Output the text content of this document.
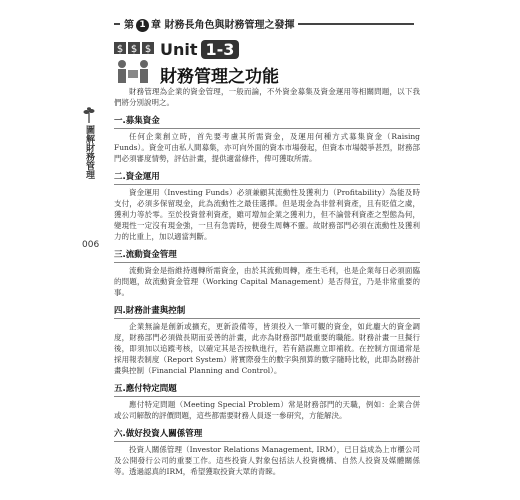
第 1 章 財務長角色與財務管理之發揮
$ $ $ Unit 1-3
財務管理之功能
圖解財務管理
006

財務管理為企業的資金管理，一般而論，不外資金募集及資金運用等相關問題，以下我們將分別說明之。

一.募集資金

任何企業創立時，首先要考慮其所需資金，及運用何種方式募集資金（Raising Funds）。資金可由私人間募集，亦可向外面的資本市場發起，但資本市場競爭甚烈，財務部門必須審度情勢，評估計畫，提供適當條件，俾可獲取所需。

二.資金運用

資金運用（Investing Funds）必須兼顧其流動性及獲利力（Profitability）為能及時支付，必須多保留現金，此為流動性之最佳選擇。但是現金為非營利資產，且有貶值之虞，獲利力等於零。至於投資營利資產，雖可增加企業之獲利力，但不論營利資產之型態為何，變現性一定沒有現金強，一旦有急需時，便發生周轉不靈。故財務部門必須在流動性及獲利力的比重上，加以適當判斷。

三.流動資金管理

流動資金是指維持週轉所需資金，由於其流動周轉，產生毛利，也是企業每日必須面臨的問題，故流動資金管理（Working Capital Management）是否得宜，乃是非常重要的事。

四.財務計畫與控制

企業無論是創新或擴充，更新設備等，皆須投入一筆可觀的資金，如此龐大的資金調度，財務部門必須做長期而妥善的計畫，此亦為財務部門最重要的職能。財務計畫一旦擬行後，即須加以追蹤考核，以確定其是否按軌進行，若有錯誤應立即補救。在控制方面通常是採用報表制度（Report System）將實際發生的數字與預算的數字隨時比較，此即為財務計畫與控制（Financial Planning and Control）。

五.應付特定問題

應付特定問題（Meeting Special Problem）常是財務部門的天職，例如：企業合併或公司解散的評價問題，這些都需要財務人員逐一參研究，方能解決。

六.做好投資人關係管理

投資人關係管理（Investor Relations Management, IRM），已日益成為上市櫃公司及公開發行公司的重要工作。這些投資人對象包括法人投資機構、自然人投資及媒體關係等。透過認真的IRM，希望獲取投資大眾的青睞。
